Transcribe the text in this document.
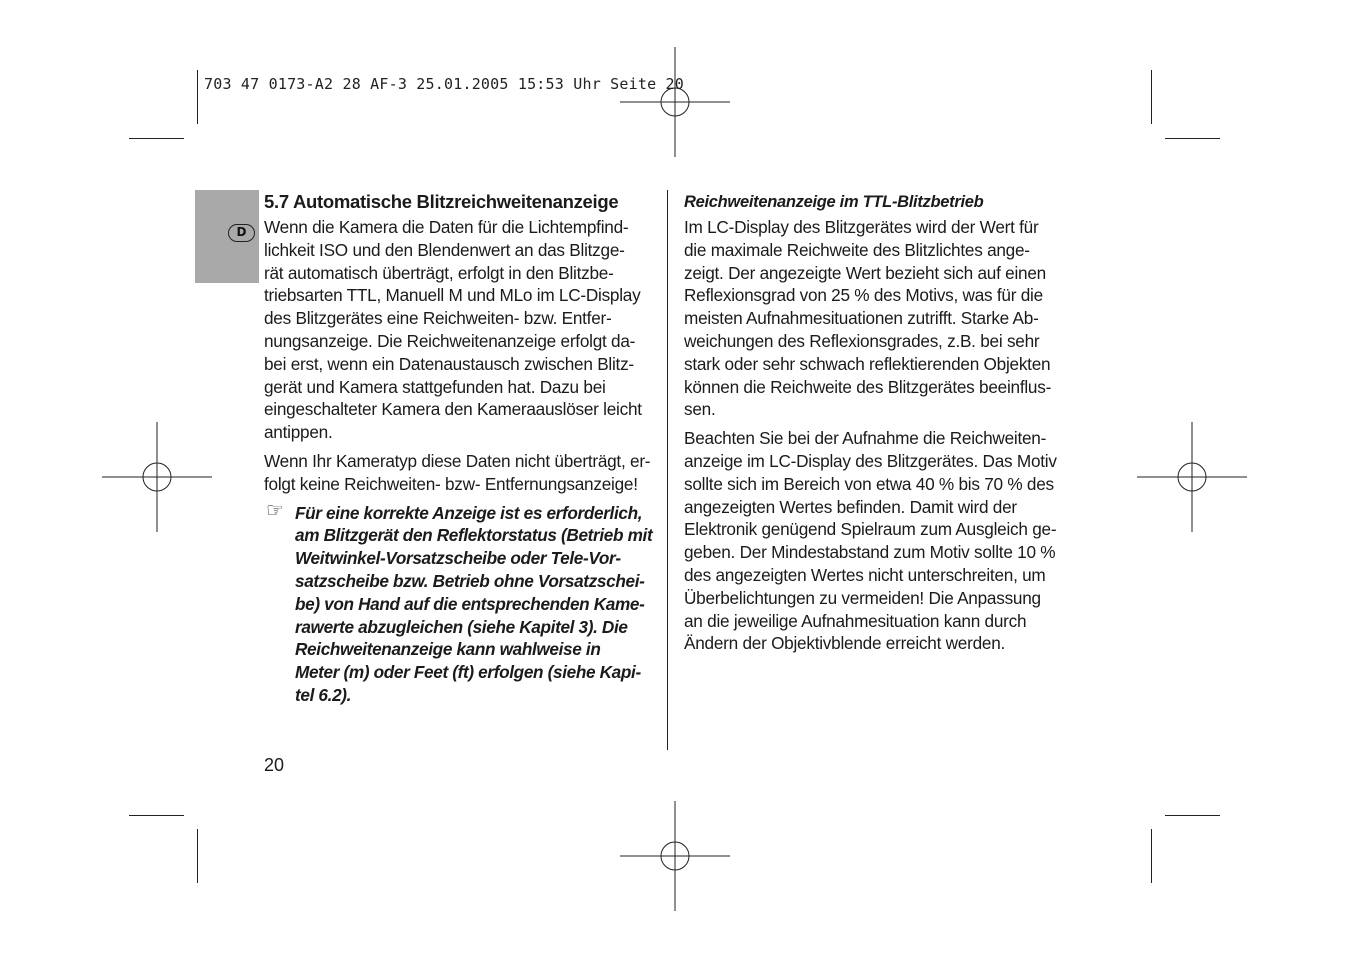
703 47 0173-A2 28 AF-3 25.01.2005 15:53 Uhr Seite 20
D
5.7 Automatische Blitzreichweitenanzeige
Wenn die Kamera die Daten für die Lichtempfind-
lichkeit ISO und den Blendenwert an das Blitzge-
rät automatisch überträgt, erfolgt in den Blitzbe-
triebsarten TTL, Manuell M und MLo im LC-Display
des Blitzgerätes eine Reichweiten- bzw. Entfer-
nungsanzeige. Die Reichweitenanzeige erfolgt da-
bei erst, wenn ein Datenaustausch zwischen Blitz-
gerät und Kamera stattgefunden hat. Dazu bei
eingeschalteter Kamera den Kameraauslöser leicht
antippen.
Wenn Ihr Kameratyp diese Daten nicht überträgt, er-
folgt keine Reichweiten- bzw- Entfernungsanzeige!
☞ Für eine korrekte Anzeige ist es erforderlich,
am Blitzgerät den Reflektorstatus (Betrieb mit
Weitwinkel-Vorsatzscheibe oder Tele-Vor-
satzscheibe bzw. Betrieb ohne Vorsatzschei-
be) von Hand auf die entsprechenden Kame-
rawerte abzugleichen (siehe Kapitel 3). Die
Reichweitenanzeige kann wahlweise in
Meter (m) oder Feet (ft) erfolgen (siehe Kapi-
tel 6.2).
Reichweitenanzeige im TTL-Blitzbetrieb
Im LC-Display des Blitzgerätes wird der Wert für
die maximale Reichweite des Blitzlichtes ange-
zeigt. Der angezeigte Wert bezieht sich auf einen
Reflexionsgrad von 25 % des Motivs, was für die
meisten Aufnahmesituationen zutrifft. Starke Ab-
weichungen des Reflexionsgrades, z.B. bei sehr
stark oder sehr schwach reflektierenden Objekten
können die Reichweite des Blitzgerätes beeinflus-
sen.
Beachten Sie bei der Aufnahme die Reichweiten-
anzeige im LC-Display des Blitzgerätes. Das Motiv
sollte sich im Bereich von etwa 40 % bis 70 % des
angezeigten Wertes befinden. Damit wird der
Elektronik genügend Spielraum zum Ausgleich ge-
geben. Der Mindestabstand zum Motiv sollte 10 %
des angezeigten Wertes nicht unterschreiten, um
Überbelichtungen zu vermeiden! Die Anpassung
an die jeweilige Aufnahmesituation kann durch
Ändern der Objektivblende erreicht werden.
20
